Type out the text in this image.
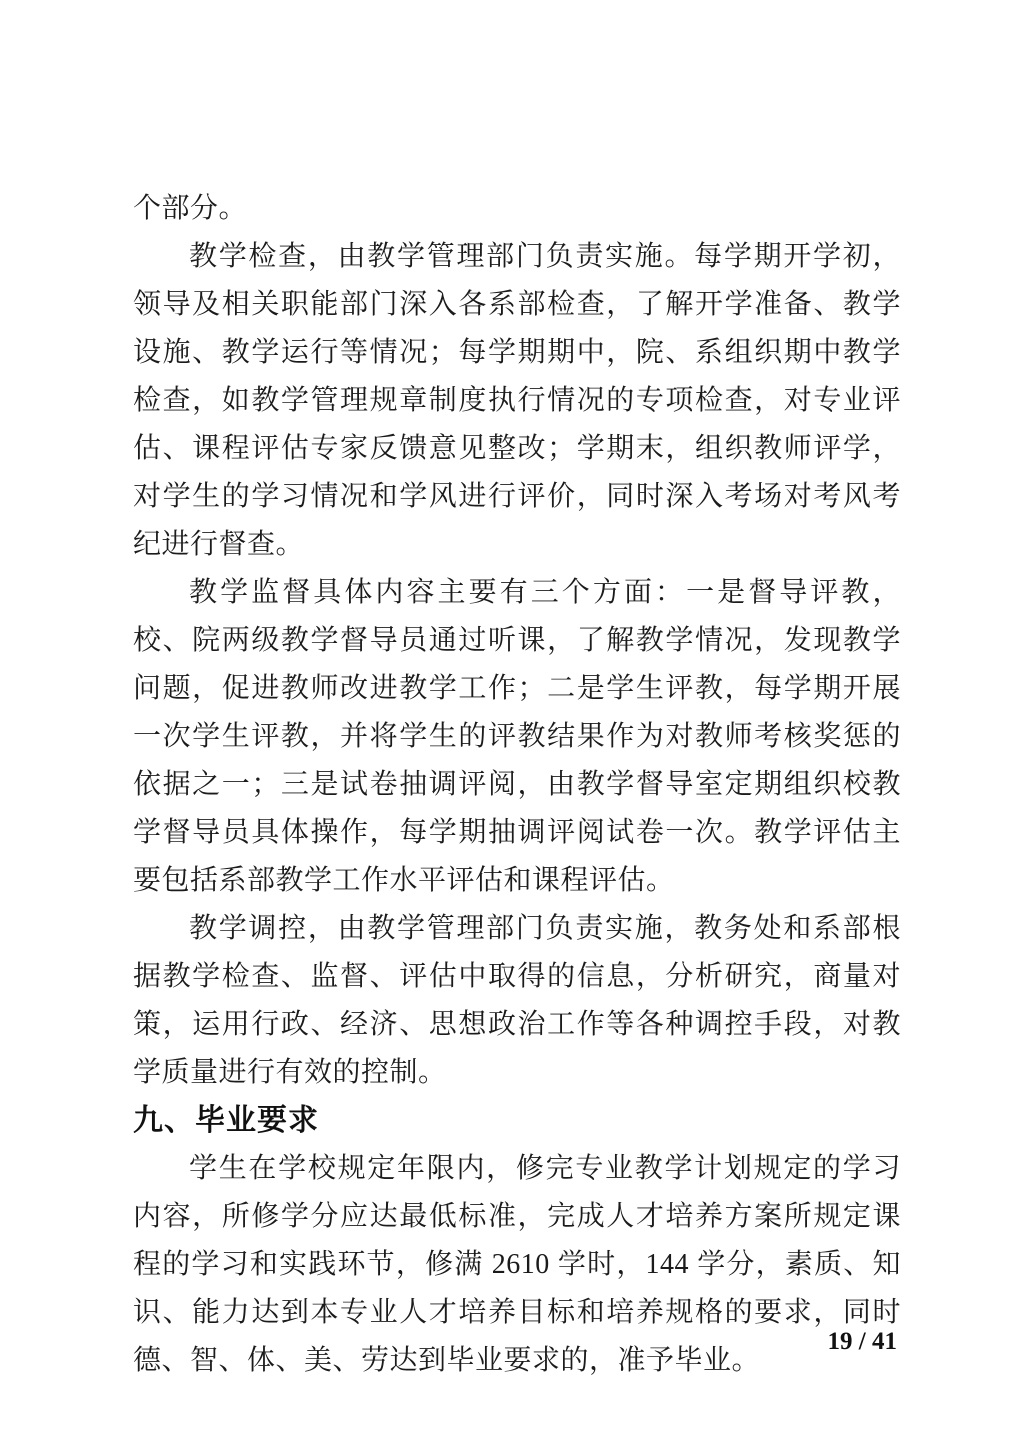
个部分。

教学检查，由教学管理部门负责实施。每学期开学初，领导及相关职能部门深入各系部检查，了解开学准备、教学设施、教学运行等情况；每学期期中，院、系组织期中教学检查，如教学管理规章制度执行情况的专项检查，对专业评估、课程评估专家反馈意见整改；学期末，组织教师评学，对学生的学习情况和学风进行评价，同时深入考场对考风考纪进行督查。

教学监督具体内容主要有三个方面：一是督导评教，校、院两级教学督导员通过听课，了解教学情况，发现教学问题，促进教师改进教学工作；二是学生评教，每学期开展一次学生评教，并将学生的评教结果作为对教师考核奖惩的依据之一；三是试卷抽调评阅，由教学督导室定期组织校教学督导员具体操作，每学期抽调评阅试卷一次。教学评估主要包括系部教学工作水平评估和课程评估。

教学调控，由教学管理部门负责实施，教务处和系部根据教学检查、监督、评估中取得的信息，分析研究，商量对策，运用行政、经济、思想政治工作等各种调控手段，对教学质量进行有效的控制。

九、毕业要求

学生在学校规定年限内，修完专业教学计划规定的学习内容，所修学分应达最低标准，完成人才培养方案所规定课程的学习和实践环节，修满 2610 学时，144 学分，素质、知识、能力达到本专业人才培养目标和培养规格的要求，同时德、智、体、美、劳达到毕业要求的，准予毕业。

19 / 41
